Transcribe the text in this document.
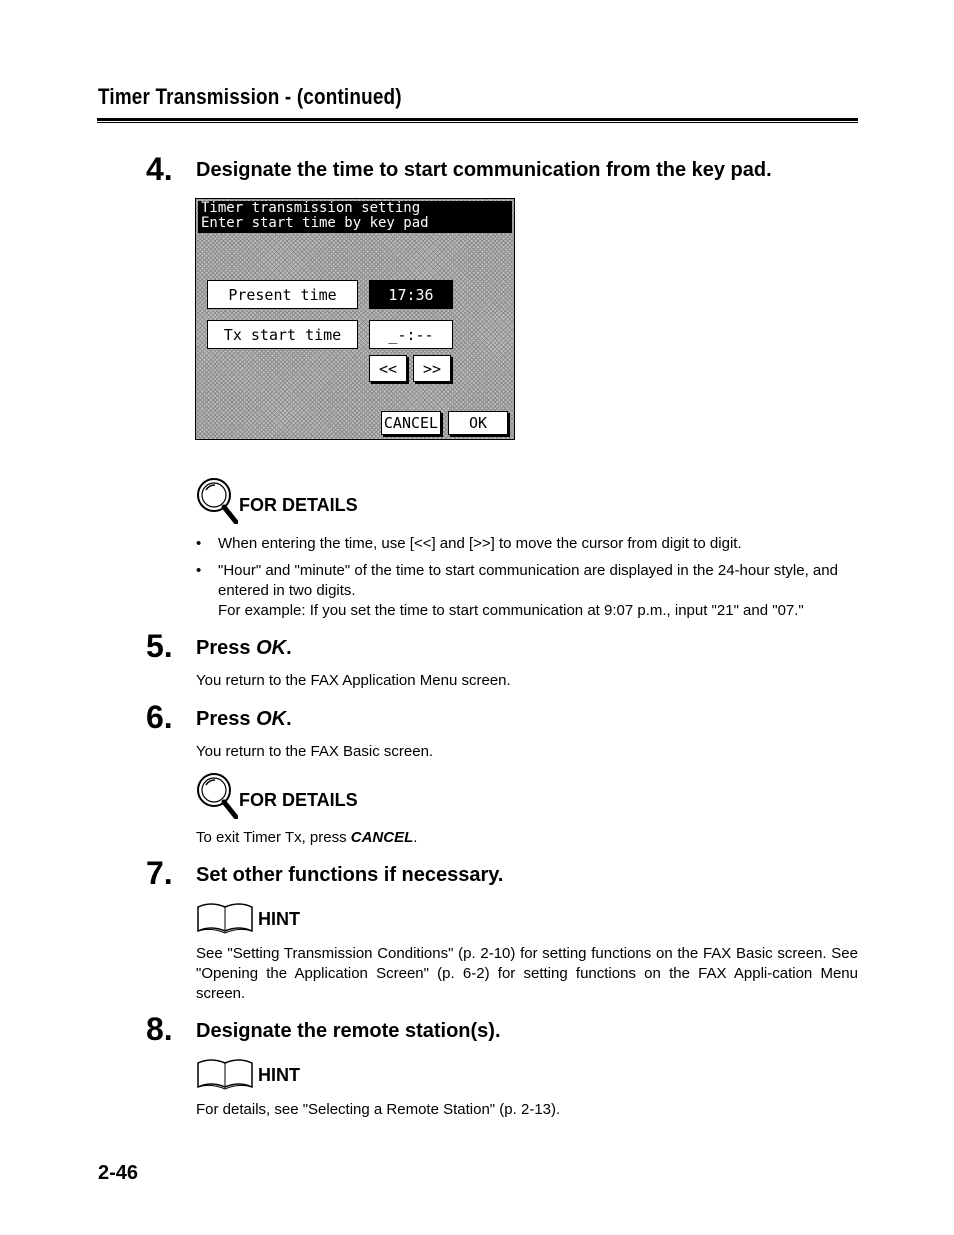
Timer Transmission - (continued)
4. Designate the time to start communication from the key pad.
Timer transmission setting
Enter start time by key pad
Present time	17:36
Tx start time	_-:--
<<	>>
CANCEL	OK
FOR DETAILS
• When entering the time, use [<<] and [>>] to move the cursor from digit to digit.
• "Hour" and "minute" of the time to start communication are displayed in the 24-hour style, and entered in two digits.
For example: If you set the time to start communication at 9:07 p.m., input "21" and "07."
5. Press OK.
You return to the FAX Application Menu screen.
6. Press OK.
You return to the FAX Basic screen.
FOR DETAILS
To exit Timer Tx, press CANCEL.
7. Set other functions if necessary.
HINT
See "Setting Transmission Conditions" (p. 2-10) for setting functions on the FAX Basic screen. See "Opening the Application Screen" (p. 6-2) for setting functions on the FAX Appli-cation Menu screen.
8. Designate the remote station(s).
HINT
For details, see "Selecting a Remote Station" (p. 2-13).
2-46
